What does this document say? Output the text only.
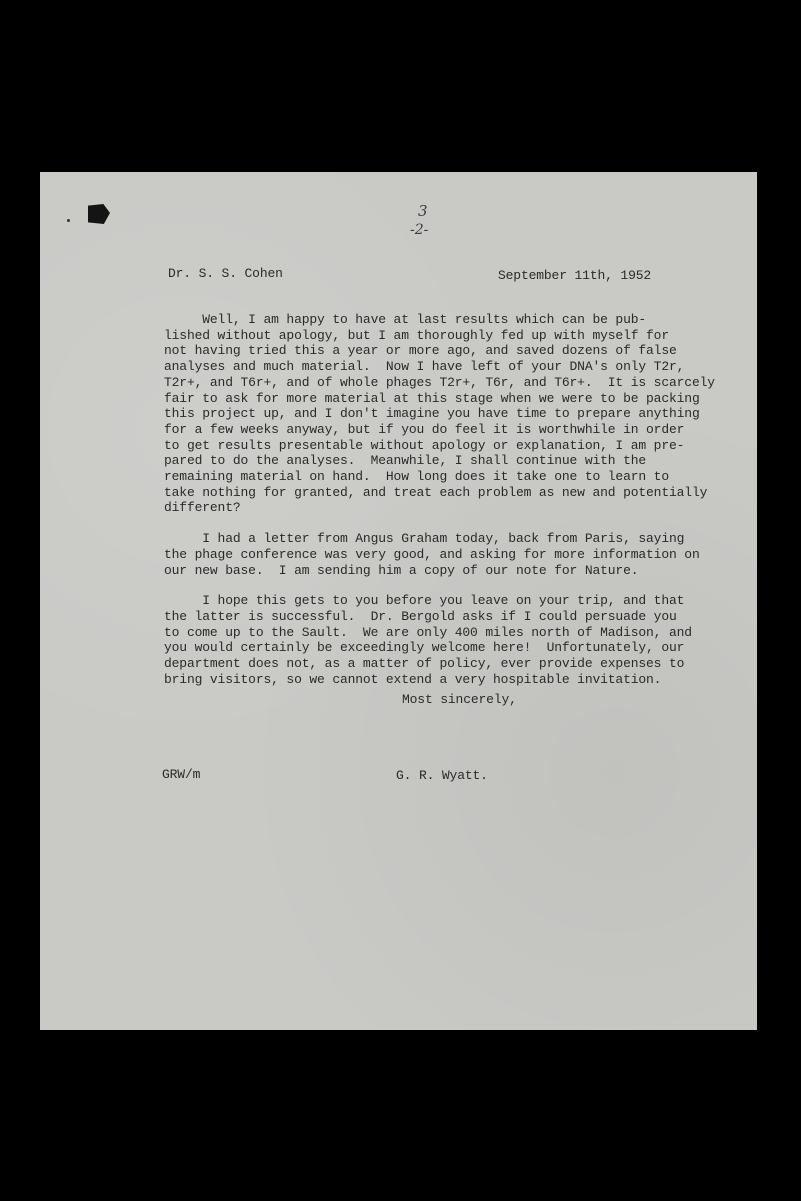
3
-2-
Dr. S. S. Cohen	September 11th, 1952

Well, I am happy to have at last results which can be pub-
lished without apology, but I am thoroughly fed up with myself for
not having tried this a year or more ago, and saved dozens of false
analyses and much material.  Now I have left of your DNA's only T2r,
T2r+, and T6r+, and of whole phages T2r+, T6r, and T6r+.  It is scarcely
fair to ask for more material at this stage when we were to be packing
this project up, and I don't imagine you have time to prepare anything
for a few weeks anyway, but if you do feel it is worthwhile in order
to get results presentable without apology or explanation, I am pre-
pared to do the analyses.  Meanwhile, I shall continue with the
remaining material on hand.  How long does it take one to learn to
take nothing for granted, and treat each problem as new and potentially
different?

I had a letter from Angus Graham today, back from Paris, saying
the phage conference was very good, and asking for more information on
our new base.  I am sending him a copy of our note for Nature.

I hope this gets to you before you leave on your trip, and that
the latter is successful.  Dr. Bergold asks if I could persuade you
to come up to the Sault.  We are only 400 miles north of Madison, and
you would certainly be exceedingly welcome here!  Unfortunately, our
department does not, as a matter of policy, ever provide expenses to
bring visitors, so we cannot extend a very hospitable invitation.

Most sincerely,
GRW/m	G. R. Wyatt.
